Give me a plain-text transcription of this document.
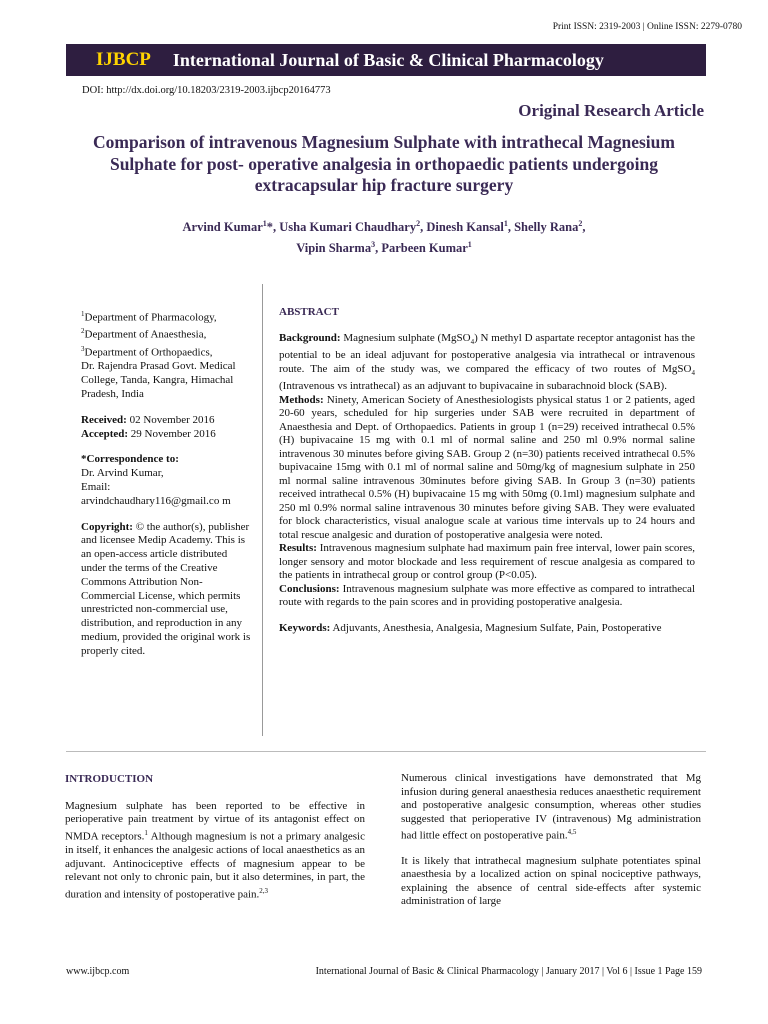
Print ISSN: 2319-2003 | Online ISSN: 2279-0780
IJBCP International Journal of Basic & Clinical Pharmacology
DOI: http://dx.doi.org/10.18203/2319-2003.ijbcp20164773
Original Research Article
Comparison of intravenous Magnesium Sulphate with intrathecal Magnesium Sulphate for post- operative analgesia in orthopaedic patients undergoing extracapsular hip fracture surgery
Arvind Kumar$^1$*, Usha Kumari Chaudhary$^2$, Dinesh Kansal$^1$, Shelly Rana$^2$,
Vipin Sharma$^3$, Parbeen Kumar$^1$

$^1$Department of Pharmacology,
$^2$Department of Anaesthesia,
$^3$Department of Orthopaedics,
Dr. Rajendra Prasad Govt. Medical College, Tanda, Kangra, Himachal Pradesh, India

Received: 02 November 2016
Accepted: 29 November 2016

*Correspondence to:
Dr. Arvind Kumar,
Email:
arvindchaudhary116@gmail.co m

Copyright: © the author(s), publisher and licensee Medip Academy. This is an open-access article distributed under the terms of the Creative Commons Attribution Non-Commercial License, which permits unrestricted non-commercial use, distribution, and reproduction in any medium, provided the original work is properly cited.

ABSTRACT

Background: Magnesium sulphate (MgSO$_4$) N methyl D aspartate receptor antagonist has the potential to be an ideal adjuvant for postoperative analgesia via intrathecal or intravenous route. The aim of the study was, we compared the efficacy of two routes of MgSO$_4$ (Intravenous vs intrathecal) as an adjuvant to bupivacaine in subarachnoid block (SAB).

Methods: Ninety, American Society of Anesthesiologists physical status 1 or 2 patients, aged 20-60 years, scheduled for hip surgeries under SAB were recruited in department of Anaesthesia and Dept. of Orthopaedics. Patients in group 1 (n=29) received intrathecal 0.5% (H) bupivacaine 15 mg with 0.1 ml of normal saline and 250 ml 0.9% normal saline intravenous 30 minutes before giving SAB. Group 2 (n=30) patients received intrathecal 0.5% bupivacaine 15mg with 0.1 ml of normal saline and 50mg/kg of magnesium sulphate in 250 ml normal saline intravenous 30minutes before giving SAB. In Group 3 (n=30) patients received intrathecal 0.5% (H) bupivacaine 15 mg with 50mg (0.1ml) magnesium sulphate and 250 ml 0.9% normal saline intravenous 30 minutes before giving SAB. They were evaluated for block characteristics, visual analogue scale at various time intervals up to 24 hours and total rescue analgesic and duration of postoperative analgesia were noted.

Results: Intravenous magnesium sulphate had maximum pain free interval, lower pain scores, longer sensory and motor blockade and less requirement of rescue analgesia as compared to the patients in intrathecal group or control group (P<0.05).

Conclusions: Intravenous magnesium sulphate was more effective as compared to intrathecal route with regards to the pain scores and in providing postoperative analgesia.

Keywords: Adjuvants, Anesthesia, Analgesia, Magnesium Sulfate, Pain, Postoperative

INTRODUCTION

Magnesium sulphate has been reported to be effective in perioperative pain treatment by virtue of its antagonist effect on NMDA receptors.$^1$ Although magnesium is not a primary analgesic in itself, it enhances the analgesic actions of local anaesthetics as an adjuvant. Antinociceptive effects of magnesium appear to be relevant not only to chronic pain, but it also determines, in part, the duration and intensity of postoperative pain.$^{2,3}$

Numerous clinical investigations have demonstrated that Mg infusion during general anaesthesia reduces anaesthetic requirement and postoperative analgesic consumption, whereas other studies suggested that perioperative IV (intravenous) Mg administration had little effect on postoperative pain.$^{4,5}$

It is likely that intrathecal magnesium sulphate potentiates spinal anaesthesia by a localized action on spinal nociceptive pathways, explaining the absence of central side-effects after systemic administration of large

www.ijbcp.com	International Journal of Basic & Clinical Pharmacology | January 2017 | Vol 6 | Issue 1 Page 159
